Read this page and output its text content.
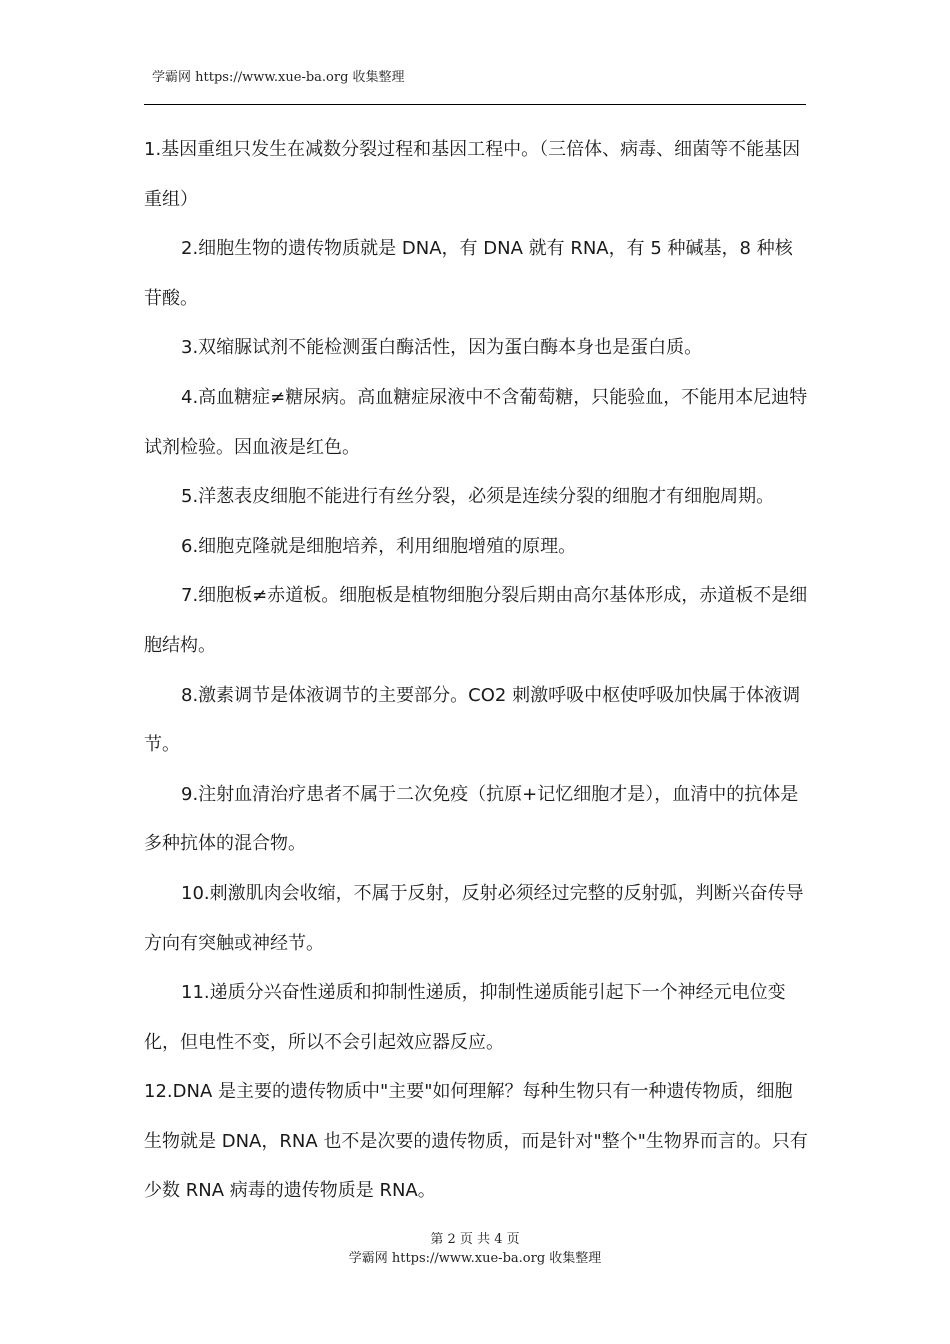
学霸网 https://www.xue-ba.org 收集整理

1.基因重组只发生在减数分裂过程和基因工程中。（三倍体、病毒、细菌等不能基因重组）

2.细胞生物的遗传物质就是 DNA，有 DNA 就有 RNA，有 5 种碱基，8 种核苷酸。

3.双缩脲试剂不能检测蛋白酶活性，因为蛋白酶本身也是蛋白质。

4.高血糖症≠糖尿病。高血糖症尿液中不含葡萄糖，只能验血，不能用本尼迪特试剂检验。因血液是红色。

5.洋葱表皮细胞不能进行有丝分裂，必须是连续分裂的细胞才有细胞周期。

6.细胞克隆就是细胞培养，利用细胞增殖的原理。

7.细胞板≠赤道板。细胞板是植物细胞分裂后期由高尔基体形成，赤道板不是细胞结构。

8.激素调节是体液调节的主要部分。CO2 刺激呼吸中枢使呼吸加快属于体液调节。

9.注射血清治疗患者不属于二次免疫（抗原+记忆细胞才是），血清中的抗体是多种抗体的混合物。

10.刺激肌肉会收缩，不属于反射，反射必须经过完整的反射弧，判断兴奋传导方向有突触或神经节。

11.递质分兴奋性递质和抑制性递质，抑制性递质能引起下一个神经元电位变化，但电性不变，所以不会引起效应器反应。

12.DNA 是主要的遗传物质中"主要"如何理解？每种生物只有一种遗传物质，细胞生物就是 DNA，RNA 也不是次要的遗传物质，而是针对"整个"生物界而言的。只有少数 RNA 病毒的遗传物质是 RNA。

第 2 页 共 4 页
学霸网 https://www.xue-ba.org 收集整理
